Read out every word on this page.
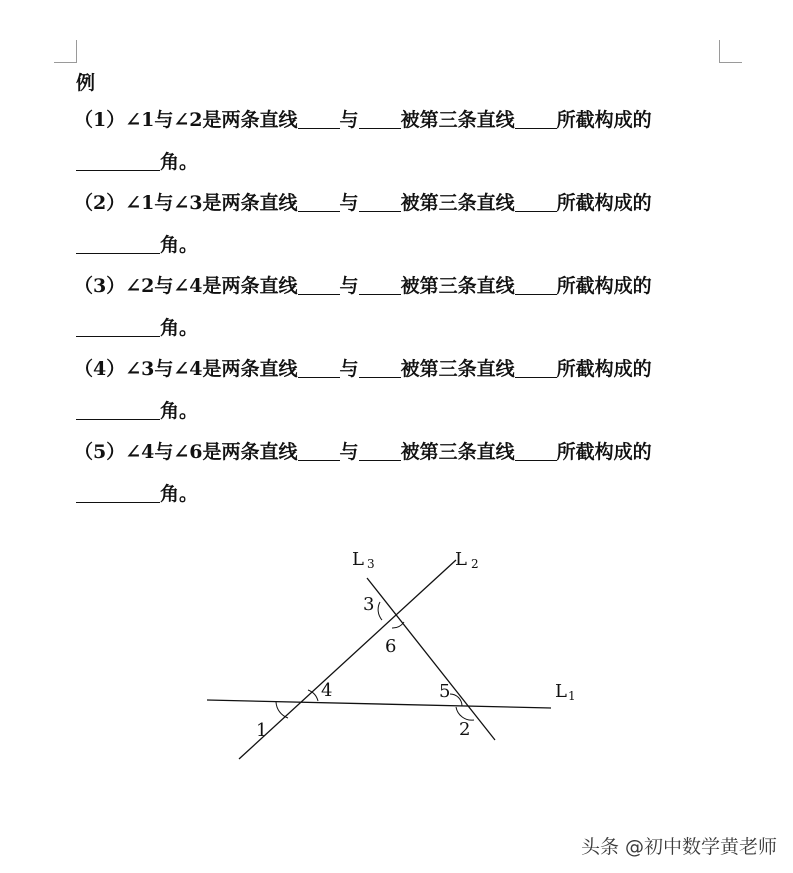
例

（1）∠1与∠2是两条直线 与 被第三条直线 所截构成的

角。

（2）∠1与∠3是两条直线 与 被第三条直线 所截构成的

角。

（3）∠2与∠4是两条直线 与 被第三条直线 所截构成的

角。

（4）∠3与∠4是两条直线 与 被第三条直线 所截构成的

角。

（5）∠4与∠6是两条直线 与 被第三条直线 所截构成的

角。

L1
L 2
L 3
1	2
3
4	5
6
头条 @初中数学黄老师
